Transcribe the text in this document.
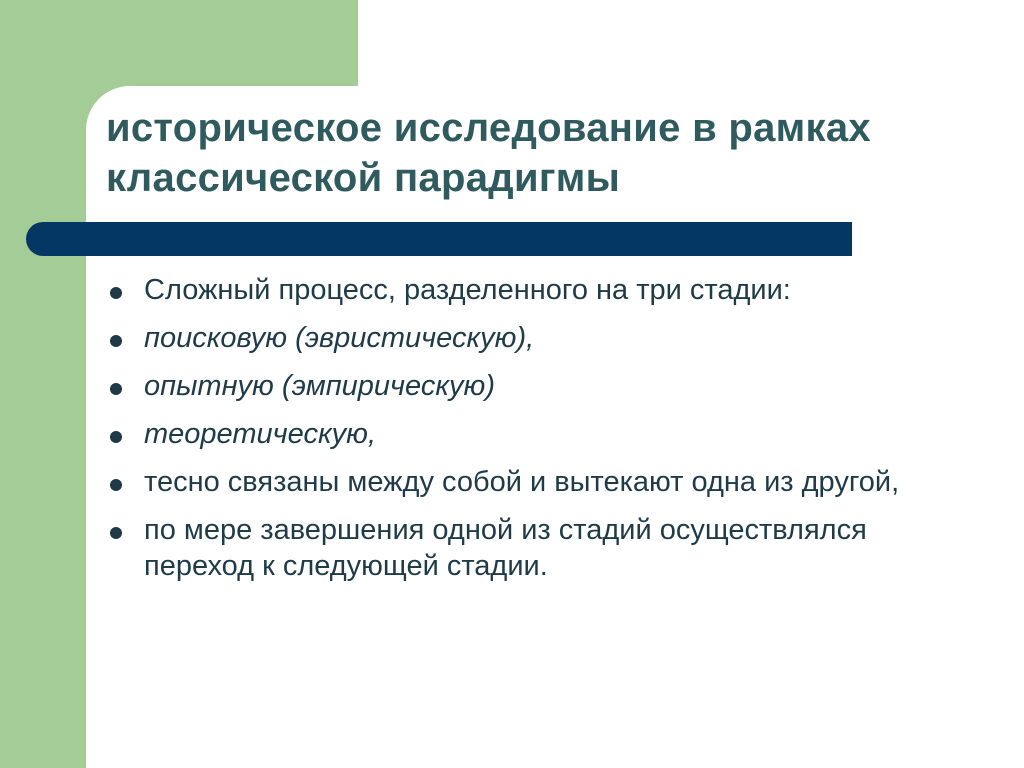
историческое исследование в рамках классической парадигмы
Сложный процесс, разделенного на три стадии:
поисковую (эвристическую),
опытную (эмпирическую)
теоретическую,
тесно связаны между собой и вытекают одна из другой,
по мере завершения одной из стадий осуществлялся переход к следующей стадии.
